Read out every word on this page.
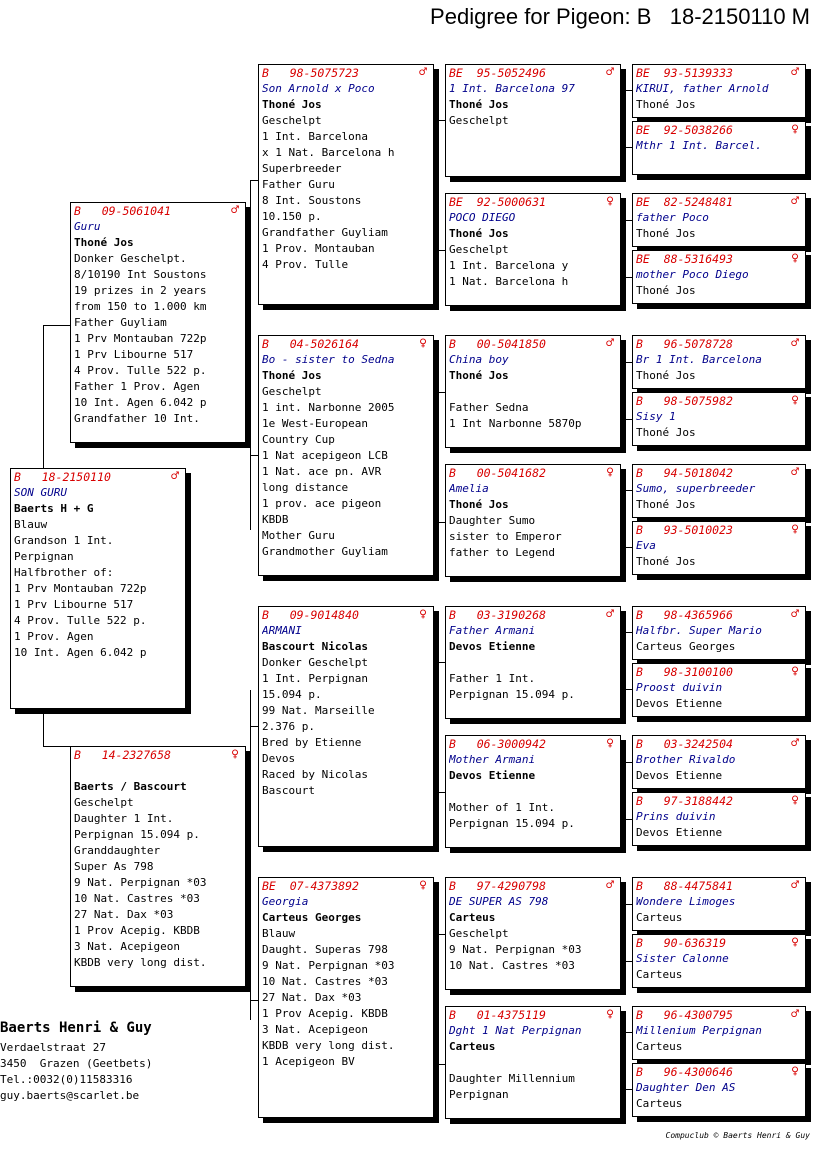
Pedigree for Pigeon: B   18-2150110 M
B   18-2150110	♂
SON GURU
Baerts H + G
Blauw
Grandson 1 Int.
Perpignan
Halfbrother of:
1 Prv Montauban 722p
1 Prv Libourne 517
4 Prov. Tulle 522 p.
1 Prov. Agen
10 Int. Agen 6.042 p
B   09-5061041	♂
Guru
Thoné Jos
Donker Geschelpt.
8/10190 Int Soustons
19 prizes in 2 years
from 150 to 1.000 km
Father Guyliam
1 Prv Montauban 722p
1 Prv Libourne 517
4 Prov. Tulle 522 p.
Father 1 Prov. Agen
10 Int. Agen 6.042 p
Grandfather 10 Int.
B   14-2327658	♀
Baerts / Bascourt
Geschelpt
Daughter 1 Int.
Perpignan 15.094 p.
Granddaughter
Super As 798
9 Nat. Perpignan *03
10 Nat. Castres *03
27 Nat. Dax *03
1 Prov Acepig. KBDB
3 Nat. Acepigeon
KBDB very long dist.
B   98-5075723	♂
Son Arnold x Poco
Thoné Jos
Geschelpt
1 Int. Barcelona
x 1 Nat. Barcelona h
Superbreeder
Father Guru
8 Int. Soustons
10.150 p.
Grandfather Guyliam
1 Prov. Montauban
4 Prov. Tulle
B   04-5026164	♀
Bo - sister to Sedna
Thoné Jos
Geschelpt
1 int. Narbonne 2005
1e West-European
Country Cup
1 Nat acepigeon LCB
1 Nat. ace pn. AVR
long distance
1 prov. ace pigeon
KBDB
Mother Guru
Grandmother Guyliam
B   09-9014840	♀
ARMANI
Bascourt Nicolas
Donker Geschelpt
1 Int. Perpignan
15.094 p.
99 Nat. Marseille
2.376 p.
Bred by Etienne
Devos
Raced by Nicolas
Bascourt
BE  07-4373892	♀
Georgia
Carteus Georges
Blauw
Daught. Superas 798
9 Nat. Perpignan *03
10 Nat. Castres *03
27 Nat. Dax *03
1 Prov Acepig. KBDB
3 Nat. Acepigeon
KBDB very long dist.
1 Acepigeon BV
BE  95-5052496	♂
1 Int. Barcelona 97
Thoné Jos
Geschelpt
BE  92-5000631	♀
POCO DIEGO
Thoné Jos
Geschelpt
1 Int. Barcelona y
1 Nat. Barcelona h
B   00-5041850	♂
China boy
Thoné Jos
Father Sedna
1 Int Narbonne 5870p
B   00-5041682	♀
Amelia
Thoné Jos
Daughter Sumo
sister to Emperor
father to Legend
B   03-3190268	♂
Father Armani
Devos Etienne
Father 1 Int.
Perpignan 15.094 p.
B   06-3000942	♀
Mother Armani
Devos Etienne
Mother of 1 Int.
Perpignan 15.094 p.
B   97-4290798	♂
DE SUPER AS 798
Carteus
Geschelpt
9 Nat. Perpignan *03
10 Nat. Castres *03
B   01-4375119	♀
Dght 1 Nat Perpignan
Carteus
Daughter Millennium
Perpignan
BE  93-5139333	♂
KIRUI, father Arnold
Thoné Jos
BE  92-5038266	♀
Mthr 1 Int. Barcel.
BE  82-5248481	♂
father Poco
Thoné Jos
BE  88-5316493	♀
mother Poco Diego
Thoné Jos
B   96-5078728	♂
Br 1 Int. Barcelona
Thoné Jos
B   98-5075982	♀
Sisy 1
Thoné Jos
B   94-5018042	♂
Sumo, superbreeder
Thoné Jos
B   93-5010023	♀
Eva
Thoné Jos
B   98-4365966	♂
Halfbr. Super Mario
Carteus Georges
B   98-3100100	♀
Proost duivin
Devos Etienne
B   03-3242504	♂
Brother Rivaldo
Devos Etienne
B   97-3188442	♀
Prins duivin
Devos Etienne
B   88-4475841	♂
Wondere Limoges
Carteus
B   90-636319	♀
Sister Calonne
Carteus
B   96-4300795	♂
Millenium Perpignan
Carteus
B   96-4300646	♀
Daughter Den AS
Carteus
Baerts Henri & Guy
Verdaelstraat 27
3450  Grazen (Geetbets)
Tel.:0032(0)11583316
guy.baerts@scarlet.be
Compuclub © Baerts Henri & Guy
